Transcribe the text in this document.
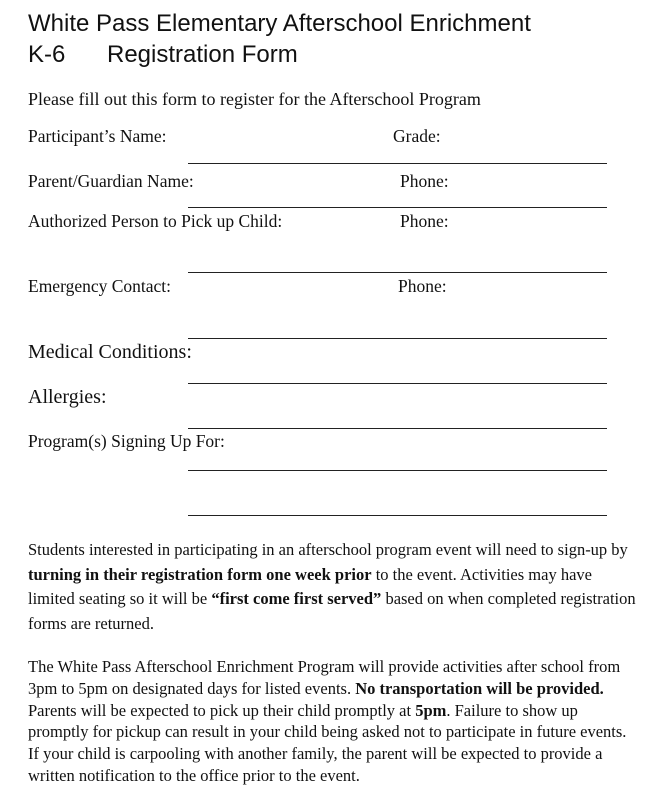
White Pass Elementary Afterschool Enrichment
K-6 Registration Form
Please fill out this form to register for the Afterschool Program
Participant’s Name:	Grade:
Parent/Guardian Name:	Phone:
Authorized Person to Pick up Child:	Phone:
Emergency Contact:	Phone:
Medical Conditions:
Allergies:
Program(s) Signing Up For:
Students interested in participating in an afterschool program event will need to sign-up by turning in their registration form one week prior to the event. Activities may have limited seating so it will be “first come first served” based on when completed registration forms are returned.
The White Pass Afterschool Enrichment Program will provide activities after school from 3pm to 5pm on designated days for listed events. No transportation will be provided. Parents will be expected to pick up their child promptly at 5pm. Failure to show up promptly for pickup can result in your child being asked not to participate in future events. If your child is carpooling with another family, the parent will be expected to provide a written notification to the office prior to the event.
